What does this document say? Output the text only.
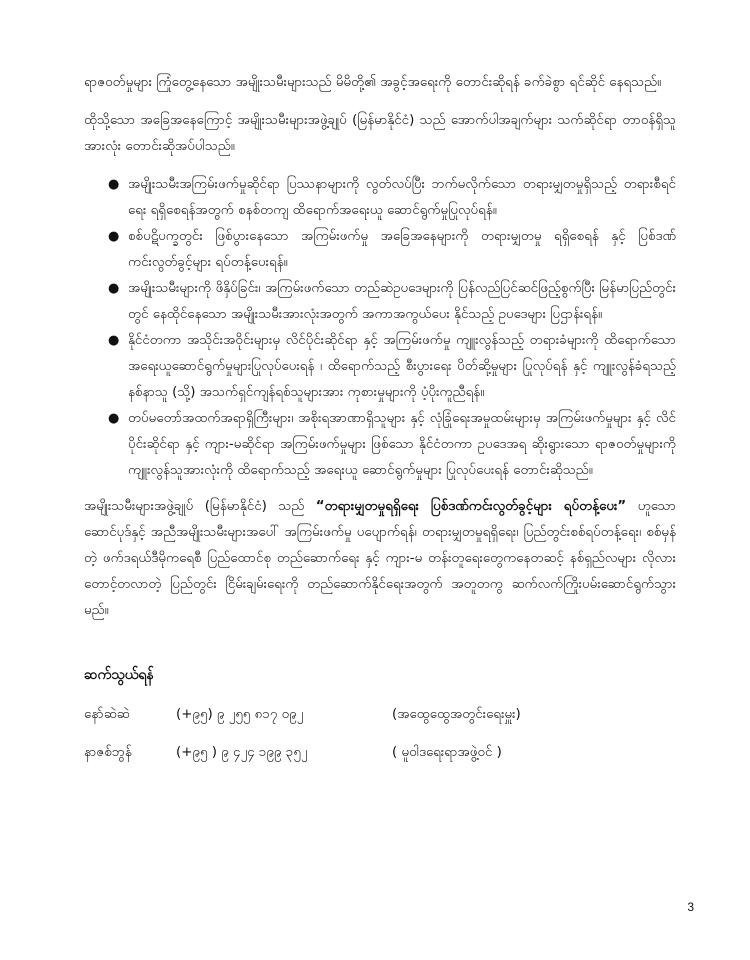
ရာဇဝတ်မှုများ ကြုံတွေ့နေသော အမျိုးသမီးများသည် မိမိတို့၏ အခွင့်အရေးကို တောင်းဆိုရန် ခက်ခဲစွာ ရင်ဆိုင် နေရသည်။

ထိုသို့သော အခြေအနေကြောင့် အမျိုးသမီးများအဖွဲ့ချုပ် (မြန်မာနိုင်ငံ) သည် အောက်ပါအချက်များ သက်ဆိုင်ရာ တာဝန်ရှိသူ အားလုံး တောင်းဆိုအပ်ပါသည်။

● အမျိုးသမီးအကြမ်းဖက်မှုဆိုင်ရာ ပြဿနာများကို လွတ်လပ်ပြီး ဘက်မလိုက်သော တရားမျှတမှုရှိသည့် တရားစီရင်ရေး ရရှိစေရန်အတွက် စနစ်တကျ ထိရောက်အရေးယူ ဆောင်ရွက်မှုပြုလုပ်ရန်။
● စစ်ပဋိပက္ခတွင်း ဖြစ်ပွားနေသော အကြမ်းဖက်မှု အခြေအနေများကို တရားမျှတမှု ရရှိစေရန် နှင့် ပြစ်ဒဏ်ကင်းလွတ်ခွင့်များ ရပ်တန့်ပေးရန်။
● အမျိုးသမီးများကို ဖိနှိပ်ခြင်း၊ အကြမ်းဖက်သော တည်ဆဲဥပဒေများကို ပြန်လည်ပြင်ဆင်ဖြည့်စွက်ပြီး မြန်မာပြည်တွင်းတွင် နေထိုင်နေသော အမျိုးသမီးအားလုံးအတွက် အကာအကွယ်ပေး နိုင်သည့် ဥပဒေများ ပြဌာန်းရန်။
● နိုင်ငံတကာ အသိုင်းအဝိုင်းများမှ လိင်ပိုင်းဆိုင်ရာ နှင့် အကြမ်းဖက်မှု ကျူးလွန်သည့် တရားခံများကို ထိရောက်သော အရေးယူဆောင်ရွက်မှုများပြုလုပ်ပေးရန် ၊ ထိရောက်သည့် စီးပွားရေး ပိတ်ဆို့မှုများ ပြုလုပ်ရန် နှင့် ကျူးလွန်ခံရသည့် နစ်နာသူ (သို့) အသက်ရှင်ကျန်ရစ်သူများအား ကုစားမှုများကို ပံ့ပိုးကူညီရန်။
● တပ်မတော်အထက်အရာရှိကြီးများ၊ အစိုးရအာဏာရှိသူများ နှင့် လုံခြုံရေးအမှုထမ်းများမှ အကြမ်းဖက်မှုများ နှင့် လိင်ပိုင်းဆိုင်ရာ နှင့် ကျား-မဆိုင်ရာ အကြမ်းဖက်မှုများ ဖြစ်သော နိုင်ငံတကာ ဥပဒေအရ ဆိုးရွားသော ရာဇဝတ်မှုများကို ကျူးလွန်သူအားလုံးကို ထိရောက်သည့် အရေးယူ ဆောင်ရွက်မှုများ ပြုလုပ်ပေးရန် တောင်းဆိုသည်။

အမျိုးသမီးများအဖွဲ့ချုပ် (မြန်မာနိုင်ငံ) သည် “တရားမျှတမှုရရှိရေး ပြစ်ဒဏ်ကင်းလွတ်ခွင့်များ ရပ်တန့်ပေး” ဟူသော ဆောင်ပုဒ်နှင့် အညီအမျိုးသမီးများအပေါ် အကြမ်းဖက်မှု ပပျောက်ရန်၊ တရားမျှတမှုရရှိရေး၊ ပြည်တွင်းစစ်ရပ်တန့်ရေး၊ စစ်မှန်တဲ့ ဖက်ဒရယ်ဒီမိုကရေစီ ပြည်ထောင်စု တည်ဆောက်ရေး နှင့် ကျား-မ တန်းတူရေးတွေကနေတဆင့် နစ်ရှည်လများ လိုလားတောင့်တလာတဲ့ ပြည်တွင်း ငြိမ်းချမ်းရေးကို တည်ဆောက်နိုင်ရေးအတွက် အတူတကွ ဆက်လက်ကြိုးပမ်းဆောင်ရွက်သွားမည်။

ဆက်သွယ်ရန်
နော်ဆဲဆဲ	(+၉၅) ၉ ၂၅၅ ၈၁၇ ၀၉၂	(အထွေထွေအတွင်းရေးမှူး)
နာဇစ်ဘွန်	(+၉၅ ) ၉ ၄၂၄ ၁၉၉ ၃၅၂	( မူဝါဒရေးရာအဖွဲ့ဝင် )
3
